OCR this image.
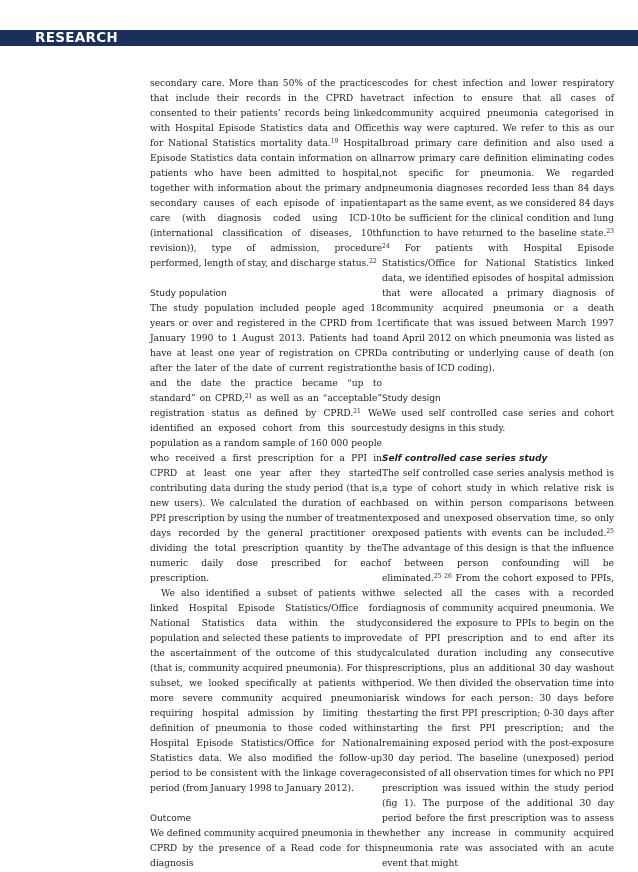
RESEARCH

secondary care. More than 50% of the practices that include their records in the CPRD have consented to their patients’ records being linked with Hospital Episode Statistics data and Office for National Statistics mortality data.$^{19}$ Hospital Episode Statistics data contain information on all patients who have been admitted to hospital, together with information about the primary and secondary causes of each episode of inpatient care (with diagnosis coded using ICD-10 (international classification of diseases, 10th revision)), type of admission, procedure performed, length of stay, and discharge status.$^{22}$

Study population

The study population included people aged 18 years or over and registered in the CPRD from 1 January 1990 to 1 August 2013. Patients had to have at least one year of registration on CPRD after the later of the date of current registration and the date the practice became “up to standard” on CPRD,$^{21}$ as well as an “acceptable” registration status as defined by CPRD.$^{21}$ We identified an exposed cohort from this source population as a random sample of 160 000 people who received a first prescription for a PPI in CPRD at least one year after they started contributing data during the study period (that is, new users). We calculated the duration of each PPI prescription by using the number of treatment days recorded by the general practitioner or dividing the total prescription quantity by the numeric daily dose prescribed for each prescription.

We also identified a subset of patients with linked Hospital Episode Statistics/Office for National Statistics data within the study population and selected these patients to improve the ascertainment of the outcome of this study (that is, community acquired pneumonia). For this subset, we looked specifically at patients with more severe community acquired pneumonia requiring hospital admission by limiting the definition of pneumonia to those coded within Hospital Episode Statistics/Office for National Statistics data. We also modified the follow-up period to be consistent with the linkage coverage period (from January 1998 to January 2012).

Outcome

We defined community acquired pneumonia in the CPRD by the presence of a Read code for this diagnosis

codes for chest infection and lower respiratory tract infection to ensure that all cases of community acquired pneumonia categorised in this way were captured. We refer to this as our broad primary care definition and also used a narrow primary care definition eliminating codes not specific for pneumonia. We regarded pneumonia diagnoses recorded less than 84 days apart as the same event, as we considered 84 days to be sufficient for the clinical condition and lung function to have returned to the baseline state.$^{23 24}$ For patients with Hospital Episode Statistics/Office for National Statistics linked data, we identified episodes of hospital admission that were allocated a primary diagnosis of community acquired pneumonia or a death certificate that was issued between March 1997 and April 2012 on which pneumonia was listed as a contributing or underlying cause of death (on the basis of ICD coding).

Study design

We used self controlled case series and cohort study designs in this study.

Self controlled case series study

The self controlled case series analysis method is a type of cohort study in which relative risk is based on within person comparisons between exposed and unexposed observation time, so only exposed patients with events can be included.$^{25}$ The advantage of this design is that the influence of between person confounding will be eliminated.$^{25 26}$ From the cohort exposed to PPIs, we selected all the cases with a recorded diagnosis of community acquired pneumonia. We considered the exposure to PPIs to begin on the date of PPI prescription and to end after its calculated duration including any consecutive prescriptions, plus an additional 30 day washout period. We then divided the observation time into risk windows for each person: 30 days before starting the first PPI prescription; 0-30 days after starting the first PPI prescription; and the remaining exposed period with the post-exposure 30 day period. The baseline (unexposed) period consisted of all observation times for which no PPI prescription was issued within the study period (fig 1). The purpose of the additional 30 day period before the first prescription was to assess whether any increase in community acquired pneumonia rate was associated with an acute event that might
